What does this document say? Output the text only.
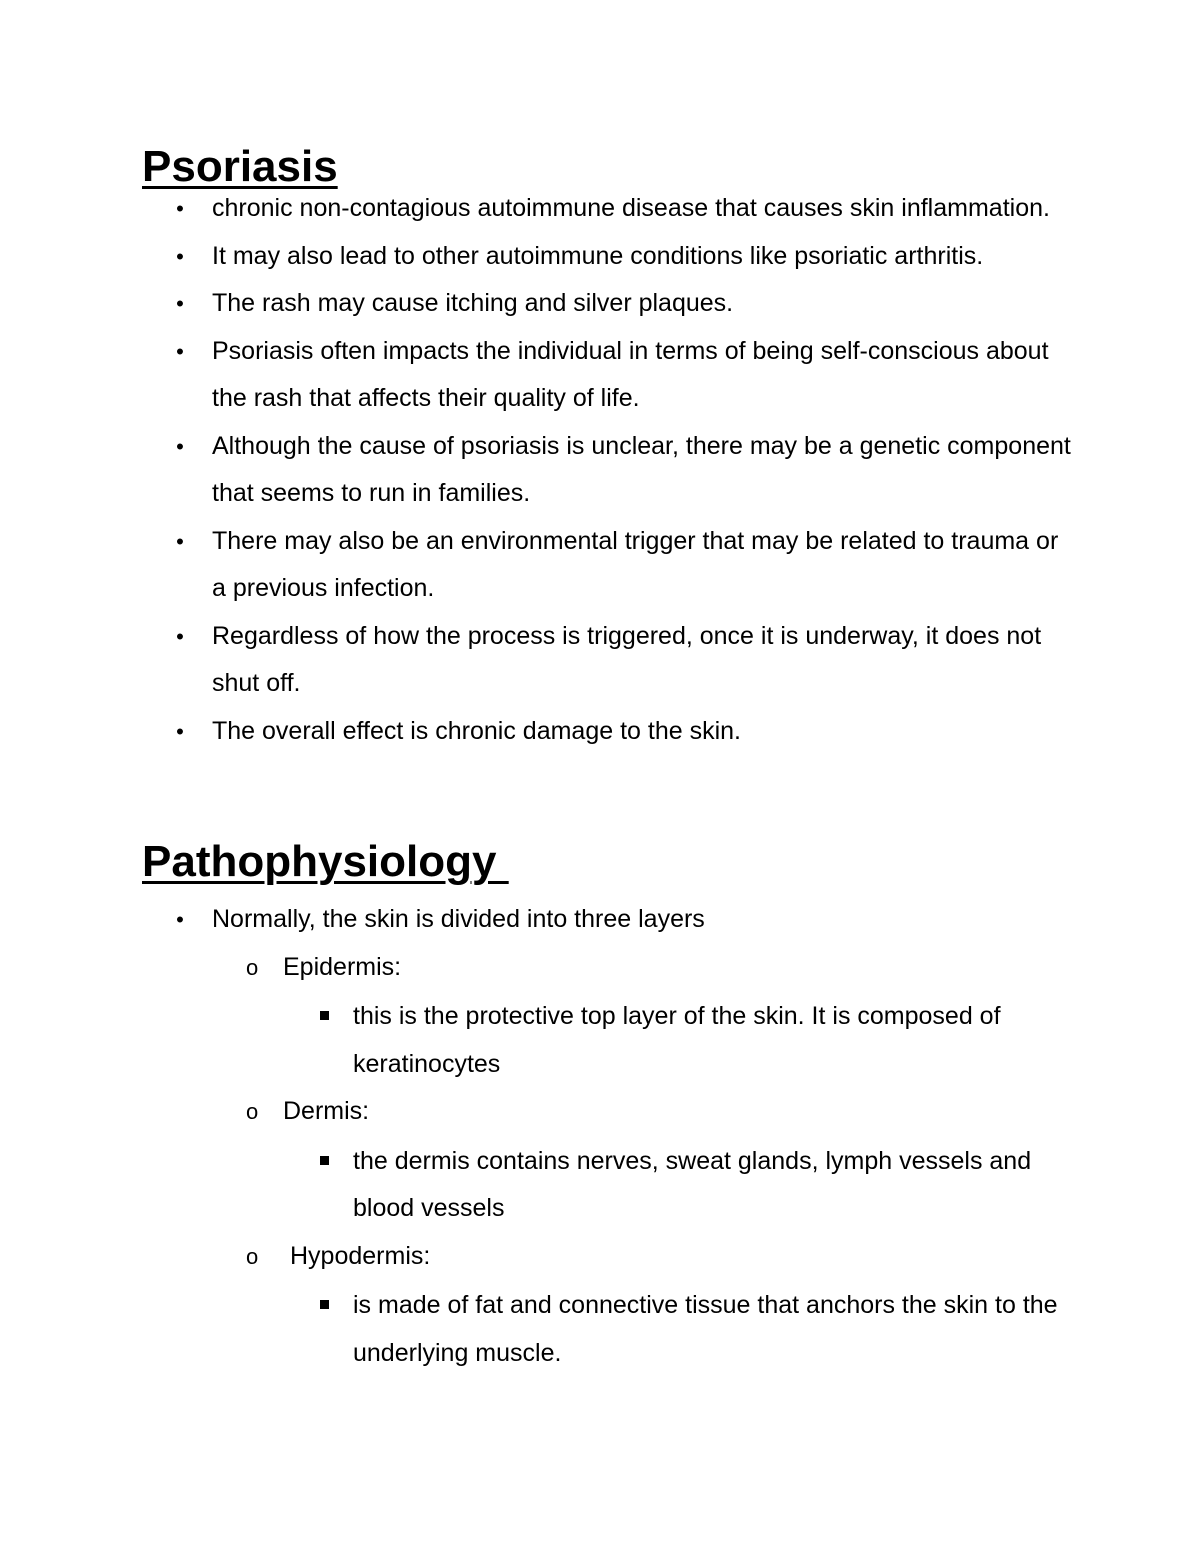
Psoriasis
• chronic non-contagious autoimmune disease that causes skin inflammation.
• It may also lead to other autoimmune conditions like psoriatic arthritis.
• The rash may cause itching and silver plaques.
• Psoriasis often impacts the individual in terms of being self-conscious about the rash that affects their quality of life.
• Although the cause of psoriasis is unclear, there may be a genetic component that seems to run in families.
• There may also be an environmental trigger that may be related to trauma or a previous infection.
• Regardless of how the process is triggered, once it is underway, it does not shut off.
• The overall effect is chronic damage to the skin.
Pathophysiology
• Normally, the skin is divided into three layers
o Epidermis:
this is the protective top layer of the skin. It is composed of keratinocytes
o Dermis:
the dermis contains nerves, sweat glands, lymph vessels and blood vessels
o Hypodermis:
is made of fat and connective tissue that anchors the skin to the underlying muscle.
